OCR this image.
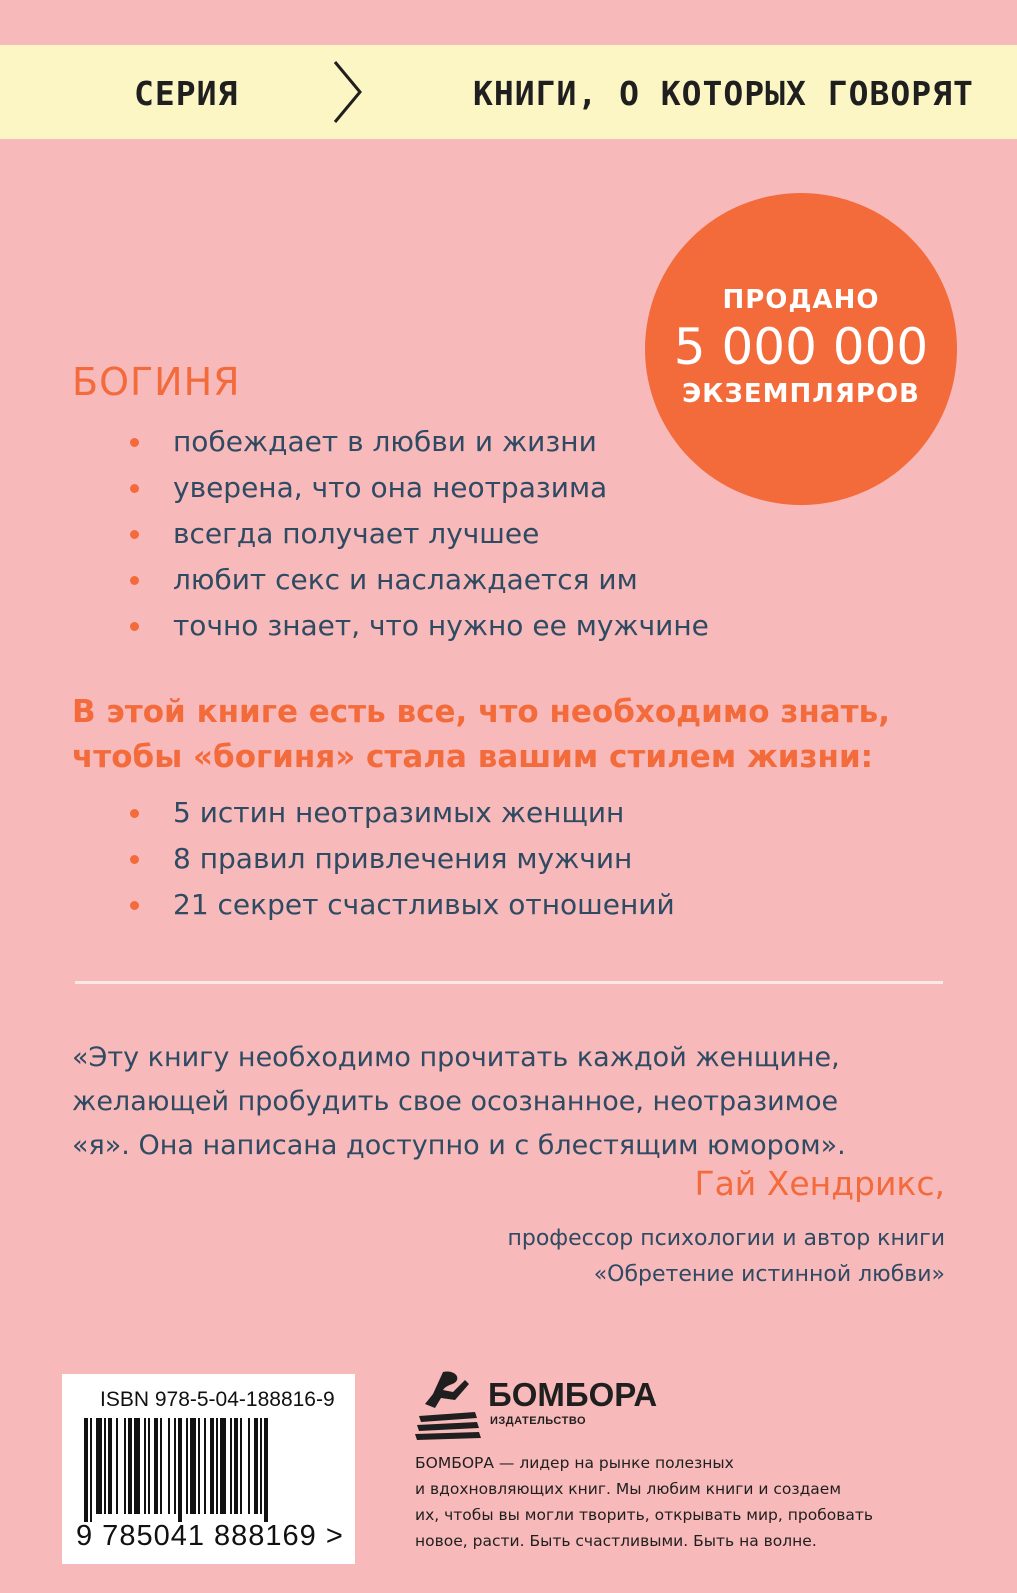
СЕРИЯ	КНИГИ, О КОТОРЫХ ГОВОРЯТ
ПРОДАНО
5 000 000
ЭКЗЕМПЛЯРОВ
БОГИНЯ
побеждает в любви и жизни
уверена, что она неотразима
всегда получает лучшее
любит секс и наслаждается им
точно знает, что нужно ее мужчине
В этой книге есть все, что необходимо знать,
чтобы «богиня» стала вашим стилем жизни:
5 истин неотразимых женщин
8 правил привлечения мужчин
21 секрет счастливых отношений
«Эту книгу необходимо прочитать каждой женщине,
желающей пробудить свое осознанное, неотразимое
«я». Она написана доступно и с блестящим юмором».
Гай Хендрикс,
профессор психологии и автор книги
«Обретение истинной любви»
ISBN 978-5-04-188816-9
9 785041 888169 >
БОМБОРА
ИЗДАТЕЛЬСТВО
БОМБОРА — лидер на рынке полезных
и вдохновляющих книг. Мы любим книги и создаем
их, чтобы вы могли творить, открывать мир, пробовать
новое, расти. Быть счастливыми. Быть на волне.
